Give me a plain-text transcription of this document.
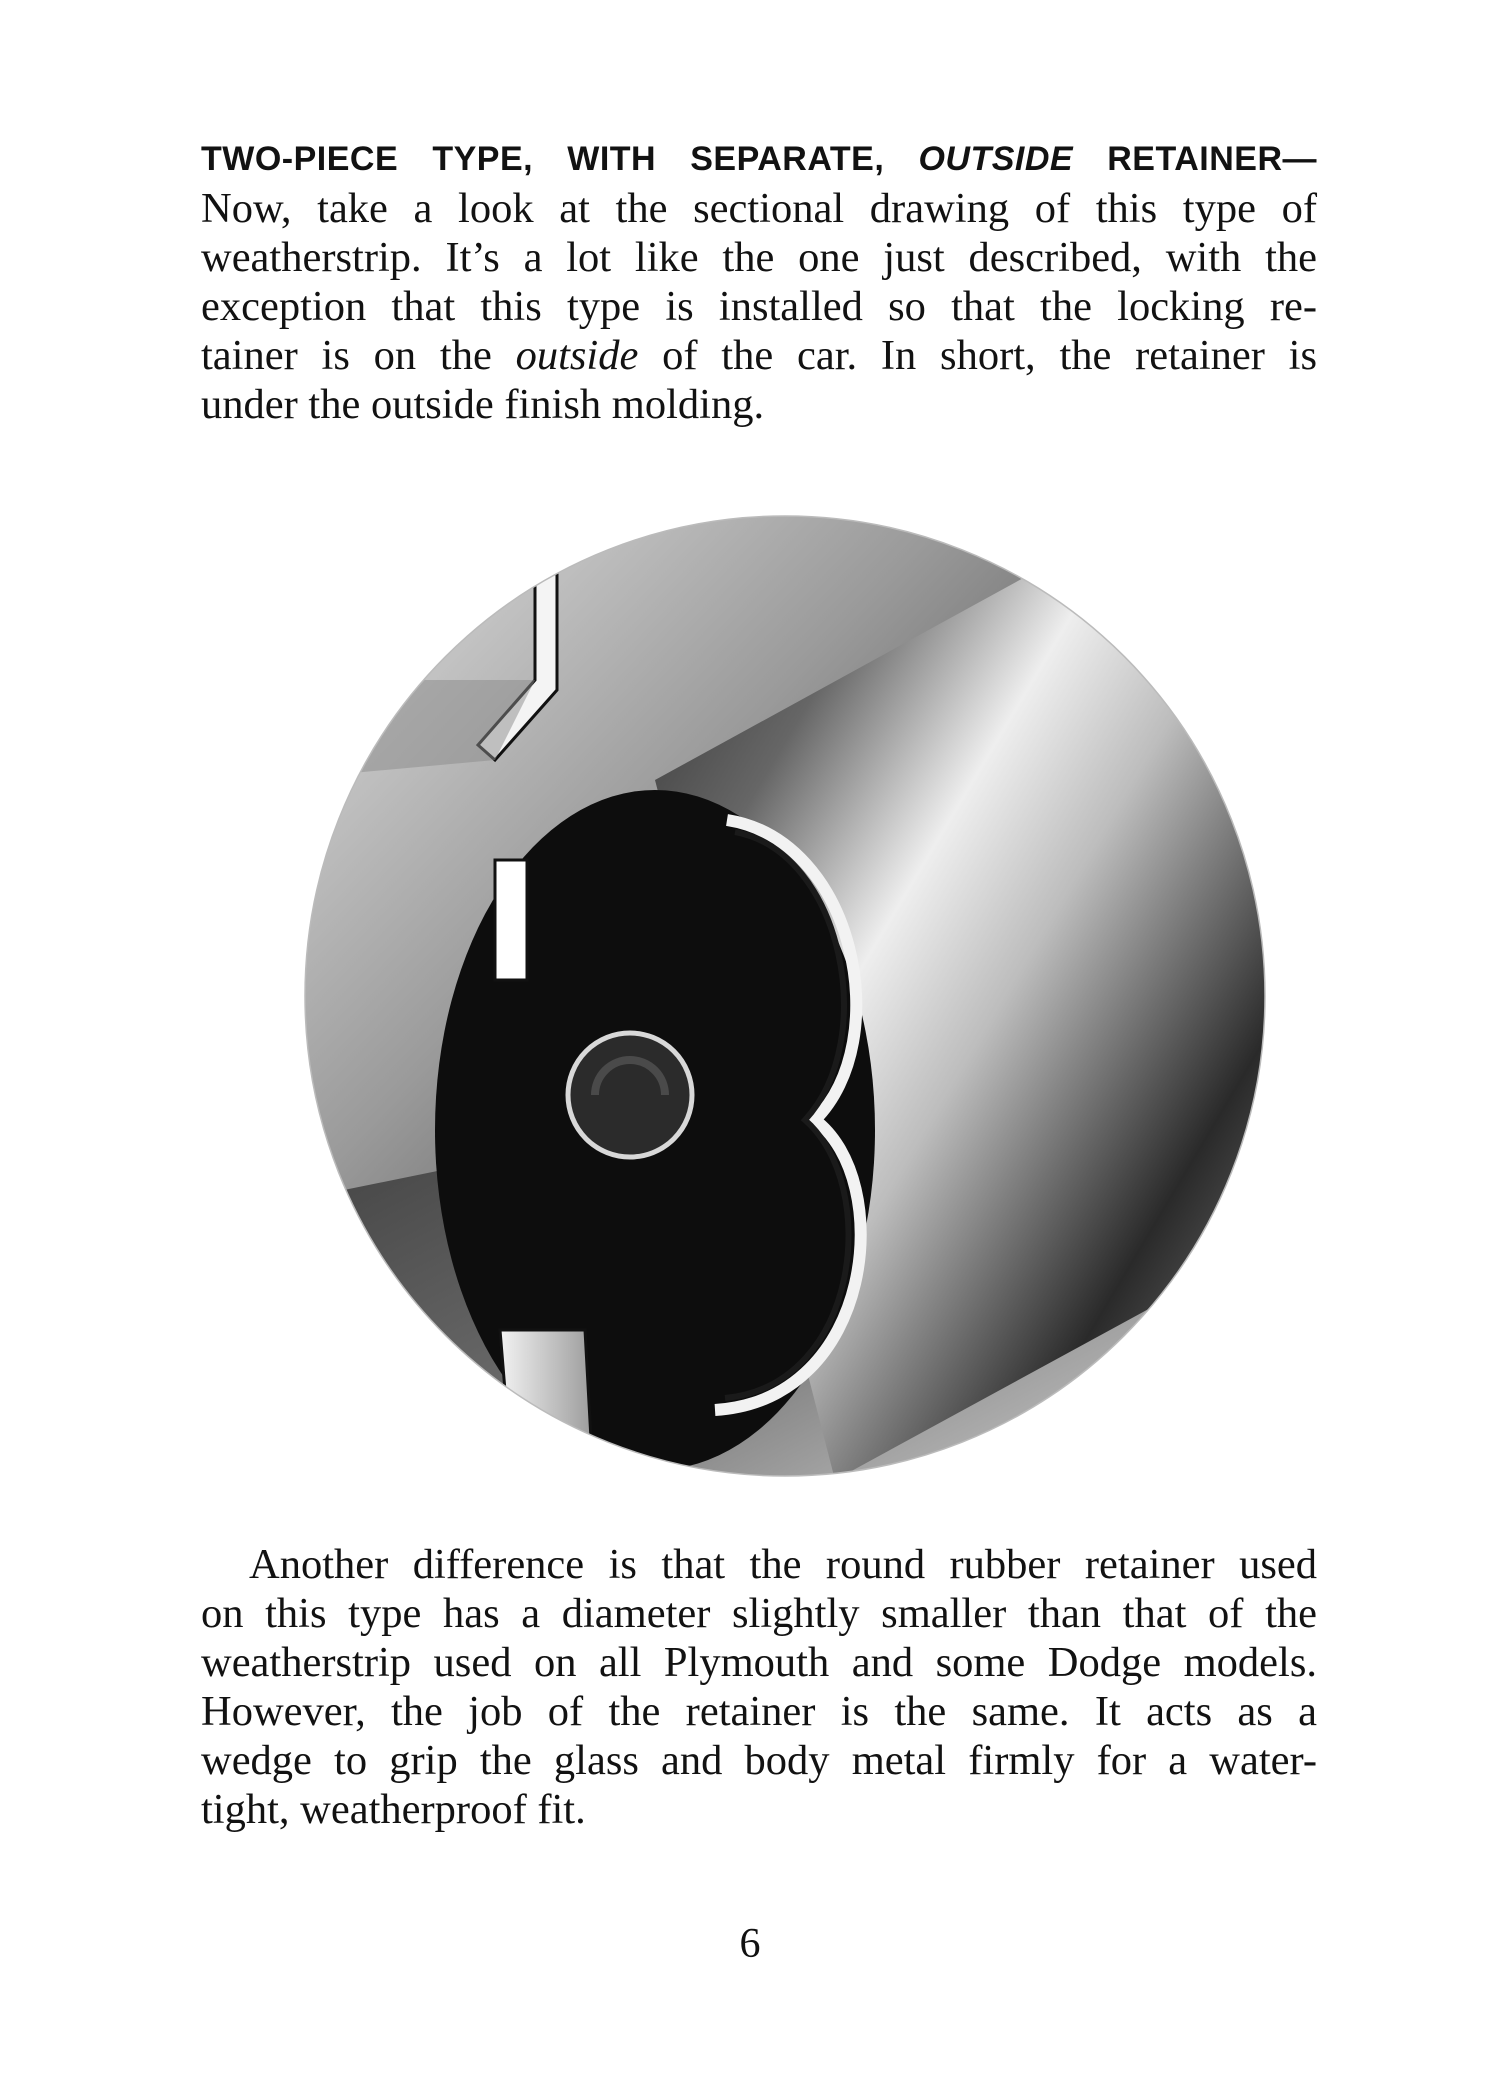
TWO-PIECE TYPE, WITH SEPARATE, OUTSIDE RETAINER—
Now, take a look at the sectional drawing of this type of
weatherstrip. It’s a lot like the one just described, with the
exception that this type is installed so that the locking re-
tainer is on the outside of the car. In short, the retainer is
under the outside finish molding.

Another difference is that the round rubber retainer used
on this type has a diameter slightly smaller than that of the
weatherstrip used on all Plymouth and some Dodge models.
However, the job of the retainer is the same. It acts as a
wedge to grip the glass and body metal firmly for a water-
tight, weatherproof fit.

6
